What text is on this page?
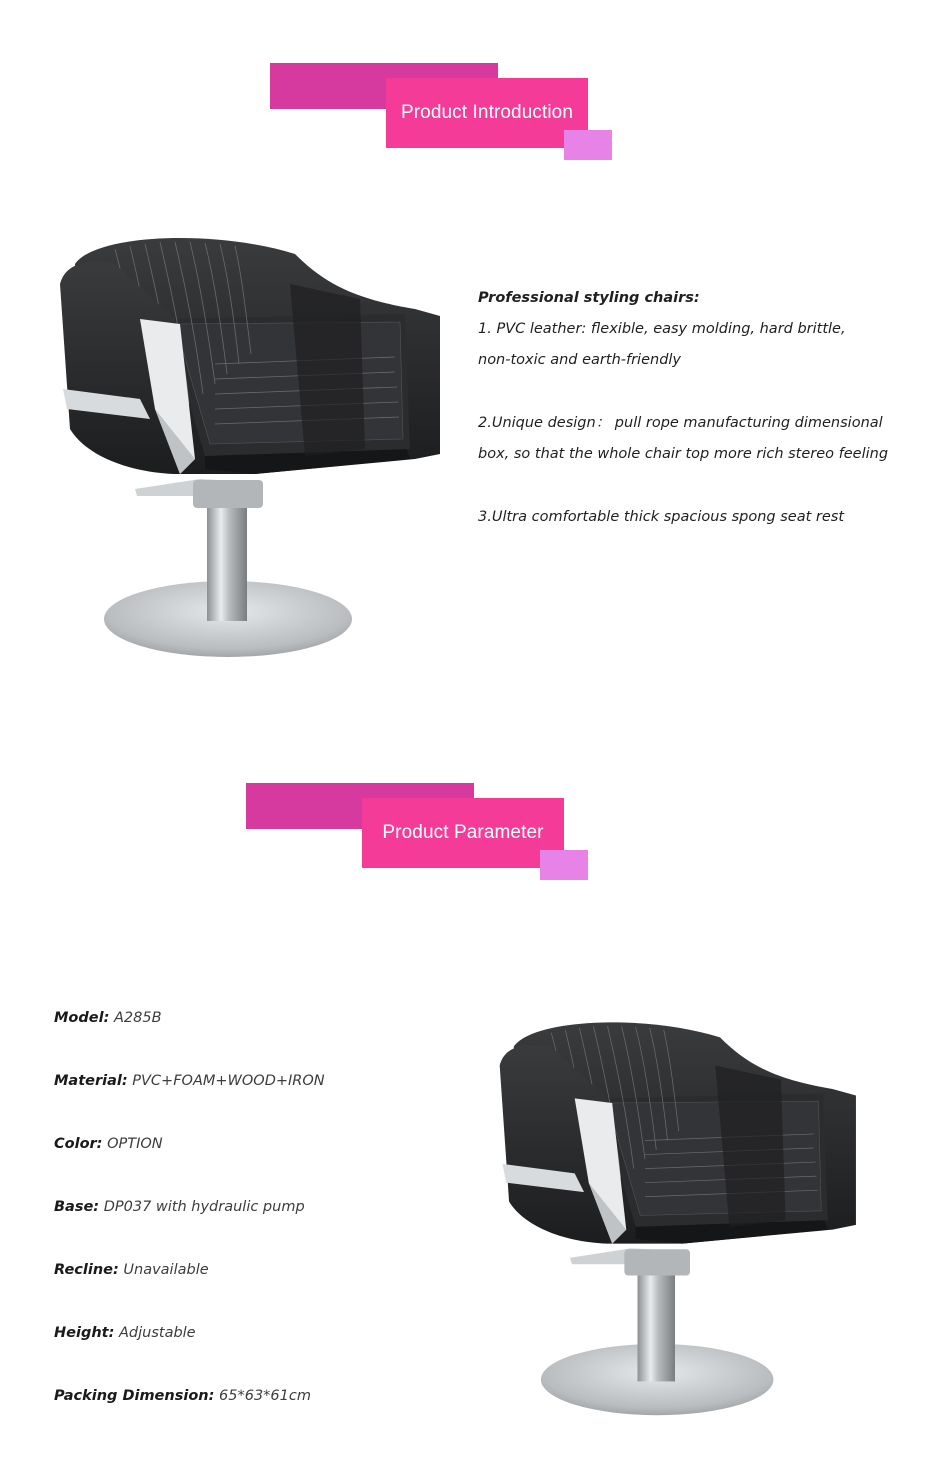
Product Introduction

Professional styling chairs:

1. PVC leather: flexible, easy molding, hard brittle,

non-toxic and earth-friendly

2.Unique design： pull rope manufacturing dimensional

box, so that the whole chair top more rich stereo feeling

3.Ultra comfortable thick spacious spong seat rest

Product Parameter
Model: A285B
Material: PVC+FOAM+WOOD+IRON
Color: OPTION
Base: DP037 with hydraulic pump
Recline: Unavailable
Height: Adjustable
Packing Dimension: 65*63*61cm
